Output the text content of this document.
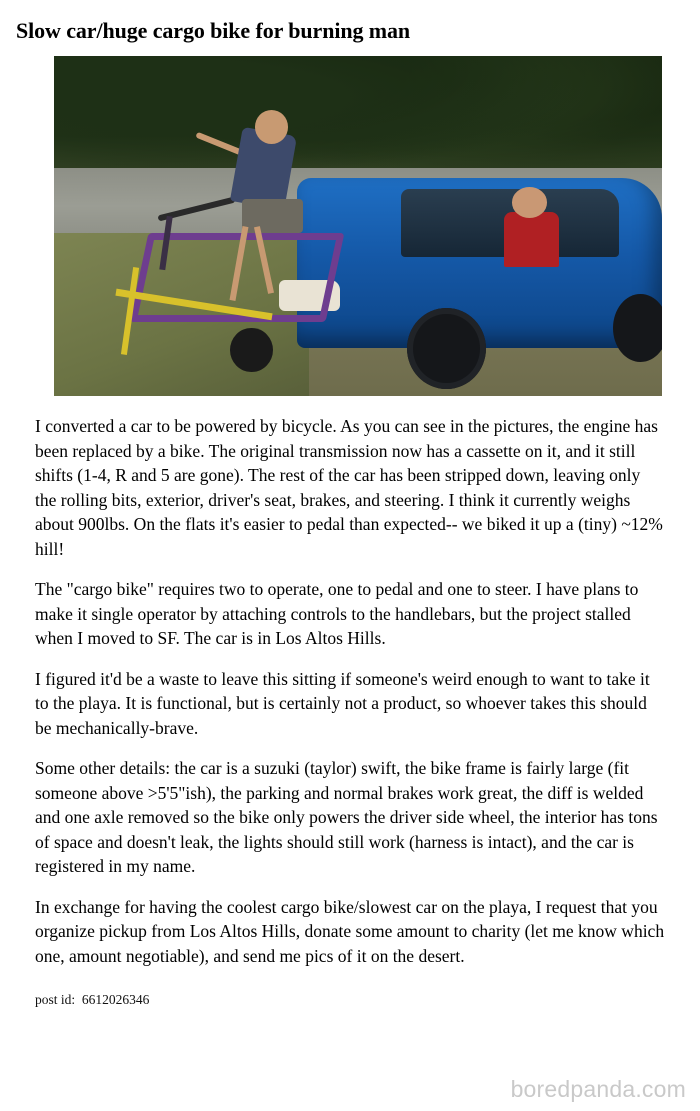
Slow car/huge cargo bike for burning man

I converted a car to be powered by bicycle. As you can see in the pictures, the engine has been replaced by a bike. The original transmission now has a cassette on it, and it still shifts (1-4, R and 5 are gone). The rest of the car has been stripped down, leaving only the rolling bits, exterior, driver's seat, brakes, and steering. I think it currently weighs about 900lbs. On the flats it's easier to pedal than expected-- we biked it up a (tiny) ~12% hill!

The "cargo bike" requires two to operate, one to pedal and one to steer. I have plans to make it single operator by attaching controls to the handlebars, but the project stalled when I moved to SF. The car is in Los Altos Hills.

I figured it'd be a waste to leave this sitting if someone's weird enough to want to take it to the playa. It is functional, but is certainly not a product, so whoever takes this should be mechanically-brave.

Some other details: the car is a suzuki (taylor) swift, the bike frame is fairly large (fit someone above >5'5"ish), the parking and normal brakes work great, the diff is welded and one axle removed so the bike only powers the driver side wheel, the interior has tons of space and doesn't leak, the lights should still work (harness is intact), and the car is registered in my name.

In exchange for having the coolest cargo bike/slowest car on the playa, I request that you organize pickup from Los Altos Hills, donate some amount to charity (let me know which one, amount negotiable), and send me pics of it on the desert.

post id: 6612026346

boredpanda.com
